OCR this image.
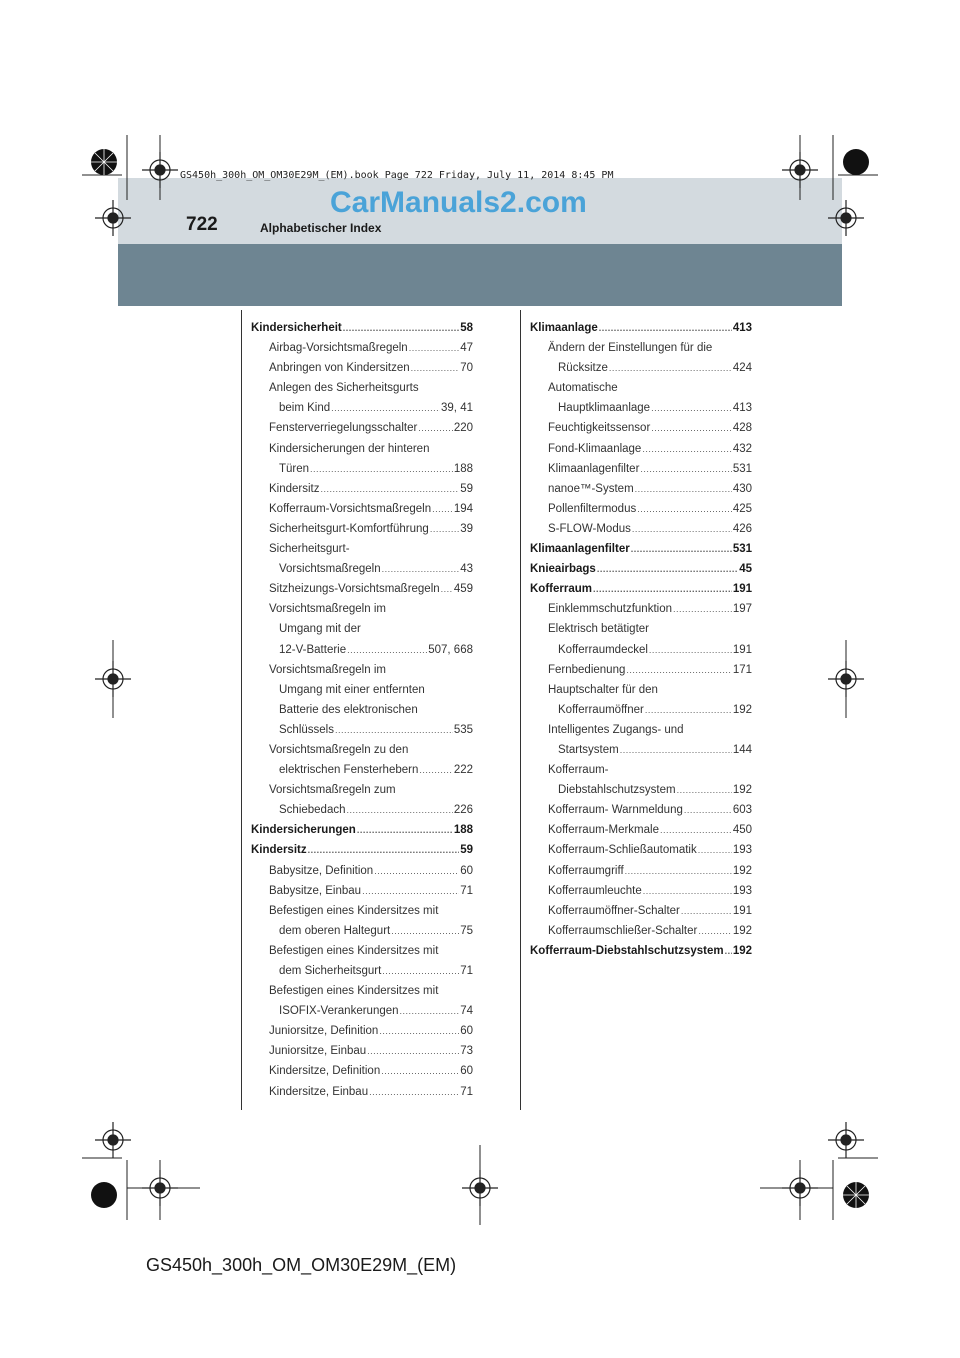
722	Alphabetischer Index
CarManuals2.com
GS450h_300h_OM_OM30E29M_(EM).book Page 722 Friday, July 11, 2014 8:45 PM
Kindersicherheit .....	58
Airbag-Vorsichtsmaßregeln .....	47
Anbringen von Kindersitzen .....	70
Anlegen des Sicherheitsgurts
beim Kind .....	39, 41
Fensterverriegelungsschalter .....	220
Kindersicherungen der hinteren
Türen .....	188
Kindersitz .....	59
Kofferraum-Vorsichtsmaßregeln ..... 194
Sicherheitsgurt-Komfortführung .....	39
Sicherheitsgurt-
Vorsichtsmaßregeln .....	43
Sitzheizungs-Vorsichtsmaßregeln ..... 459
Vorsichtsmaßregeln im
Umgang mit der
12-V-Batterie .....	507, 668
Vorsichtsmaßregeln im
Umgang mit einer entfernten
Batterie des elektronischen
Schlüssels .....	535
Vorsichtsmaßregeln zu den
elektrischen Fensterhebern .....	222
Vorsichtsmaßregeln zum
Schiebedach .....	226
Kindersicherungen .....	188
Kindersitz .....	59
Babysitze, Definition .....	60
Babysitze, Einbau .....	71
Befestigen eines Kindersitzes mit
dem oberen Haltegurt .....	75
Befestigen eines Kindersitzes mit
dem Sicherheitsgurt .....	71
Befestigen eines Kindersitzes mit
ISOFIX-Verankerungen .....	74
Juniorsitze, Definition .....	60
Juniorsitze, Einbau .....	73
Kindersitze, Definition .....	60
Kindersitze, Einbau .....	71
Klimaanlage .....	413
Ändern der Einstellungen für die
Rücksitze .....	424
Automatische
Hauptklimaanlage .....	413
Feuchtigkeitssensor .....	428
Fond-Klimaanlage .....	432
Klimaanlagenfilter .....	531
nanoe™-System .....	430
Pollenfiltermodus .....	425
S-FLOW-Modus .....	426
Klimaanlagenfilter .....	531
Knieairbags .....	45
Kofferraum .....	191
Einklemmschutzfunktion .....	197
Elektrisch betätigter
Kofferraumdeckel .....	191
Fernbedienung .....	171
Hauptschalter für den
Kofferraumöffner .....	192
Intelligentes Zugangs- und
Startsystem .....	144
Kofferraum-
Diebstahlschutzsystem .....	192
Kofferraum- Warnmeldung .....	603
Kofferraum-Merkmale .....	450
Kofferraum-Schließautomatik .....	193
Kofferraumgriff .....	192
Kofferraumleuchte .....	193
Kofferraumöffner-Schalter .....	191
Kofferraumschließer-Schalter .....	192
Kofferraum-Diebstahlschutzsystem ..... 192
GS450h_300h_OM_OM30E29M_(EM)
